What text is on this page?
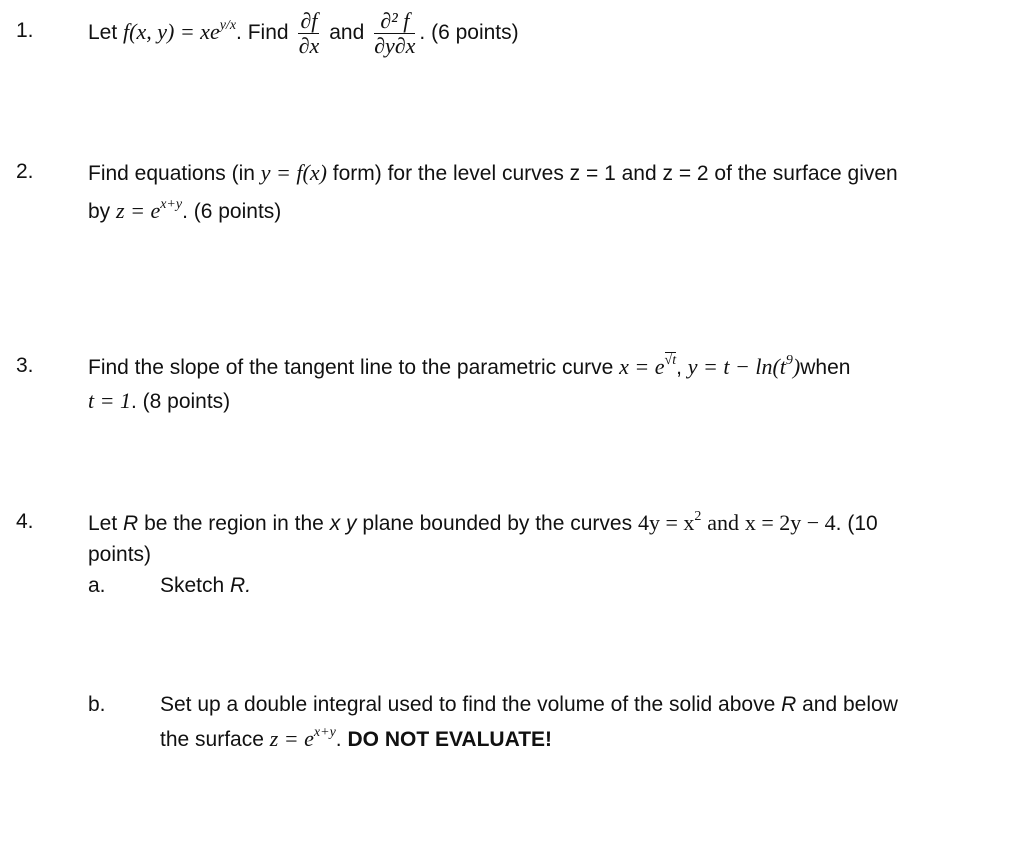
1.	Let f(x, $y) = xe^{y/x}$. Find $\frac{\partial f}{\partial x}$ and $\frac{\text{∂² f}}{\partial y\partial x}$ . (6 points)
2.	Find equations (in y = f(x) form) for the level curves z = 1 and z = 2 of the surface given
by $z = e^{x+y}$. (6 points)
3.	Find the slope of the tangent line to the parametric curve $x = e^{√t}$, $y = t - \ln(t^9)when$
t = 1. (8 points)
4.	Let R be the region in the x y plane bounded by the curves $4y = x^2$ and x = 2y − 4. (10
points)
a.	Sketch R.
b.	Set up a double integral used to find the volume of the solid above R and below
the surface $z = e^{x+y}$. DO NOT EVALUATE!
